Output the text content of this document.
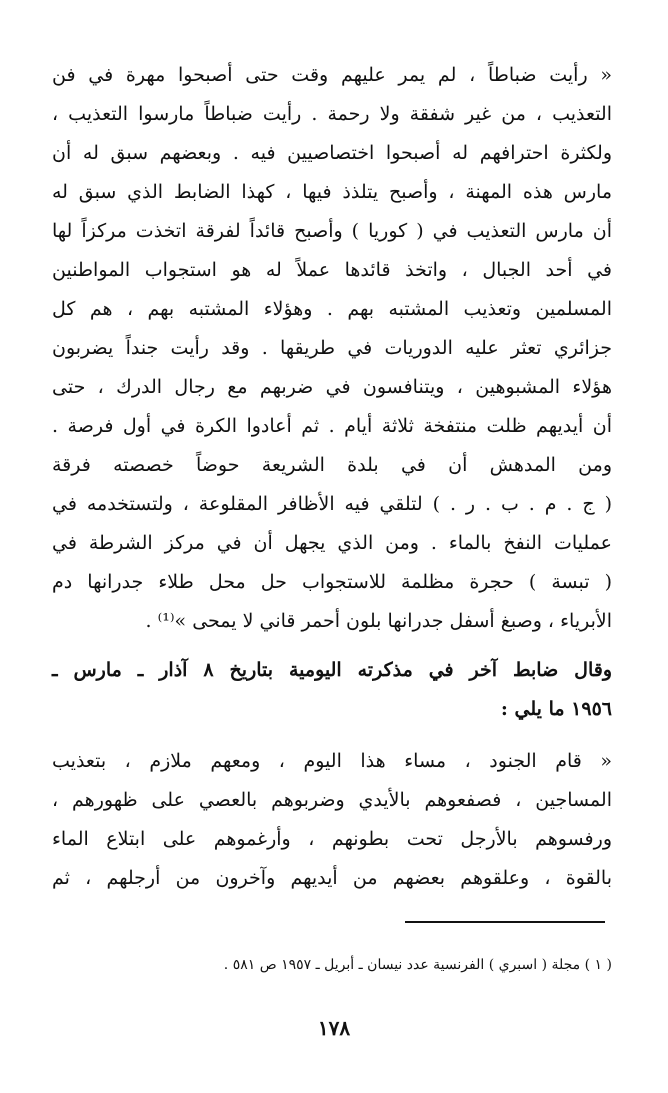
« رأيت ضباطاً ، لم يمر عليهم وقت حتى أصبحوا مهرة في فن
التعذيب ، من غير شفقة ولا رحمة . رأيت ضباطاً مارسوا التعذيب ،
ولكثرة احترافهم له أصبحوا اختصاصيين فيه . وبعضهم سبق له أن
مارس هذه المهنة ، وأصبح يتلذذ فيها ، كهذا الضابط الذي سبق له
أن مارس التعذيب في ( كوريا ) وأصبح قائداً لفرقة اتخذت مركزاً لها
في أحد الجبال ، واتخذ قائدها عملاً له هو استجواب المواطنين
المسلمين وتعذيب المشتبه بهم . وهؤلاء المشتبه بهم ، هم كل
جزائري تعثر عليه الدوريات في طريقها . وقد رأيت جنداً يضربون
هؤلاء المشبوهين ، ويتنافسون في ضربهم مع رجال الدرك ، حتى
أن أيديهم ظلت منتفخة ثلاثة أيام . ثم أعادوا الكرة في أول فرصة .
ومن المدهش أن في بلدة الشريعة حوضاً خصصته فرقة
( ج . م . ب . ر . ) لتلقي فيه الأظافر المقلوعة ، ولتستخدمه في
عمليات النفخ بالماء . ومن الذي يجهل أن في مركز الشرطة في
( تبسة ) حجرة مظلمة للاستجواب حل محل طلاء جدرانها دم
الأبرياء ، وصبغ أسفل جدرانها بلون أحمر قاني لا يمحى »⁽¹⁾ .
وقال ضابط آخر في مذكرته اليومية بتاريخ ٨ آذار ـ مارس ـ
١٩٥٦ ما يلي :
« قام الجنود ، مساء هذا اليوم ، ومعهم ملازم ، بتعذيب
المساجين ، فصفعوهم بالأيدي وضربوهم بالعصي على ظهورهم ،
ورفسوهم بالأرجل تحت بطونهم ، وأرغموهم على ابتلاع الماء
بالقوة ، وعلقوهم بعضهم من أيديهم وآخرون من أرجلهم ، ثم
( ١ ) مجلة ( اسبري ) الفرنسية عدد نيسان ـ أبريل ـ ١٩٥٧ ص ٥٨١ .
١٧٨
